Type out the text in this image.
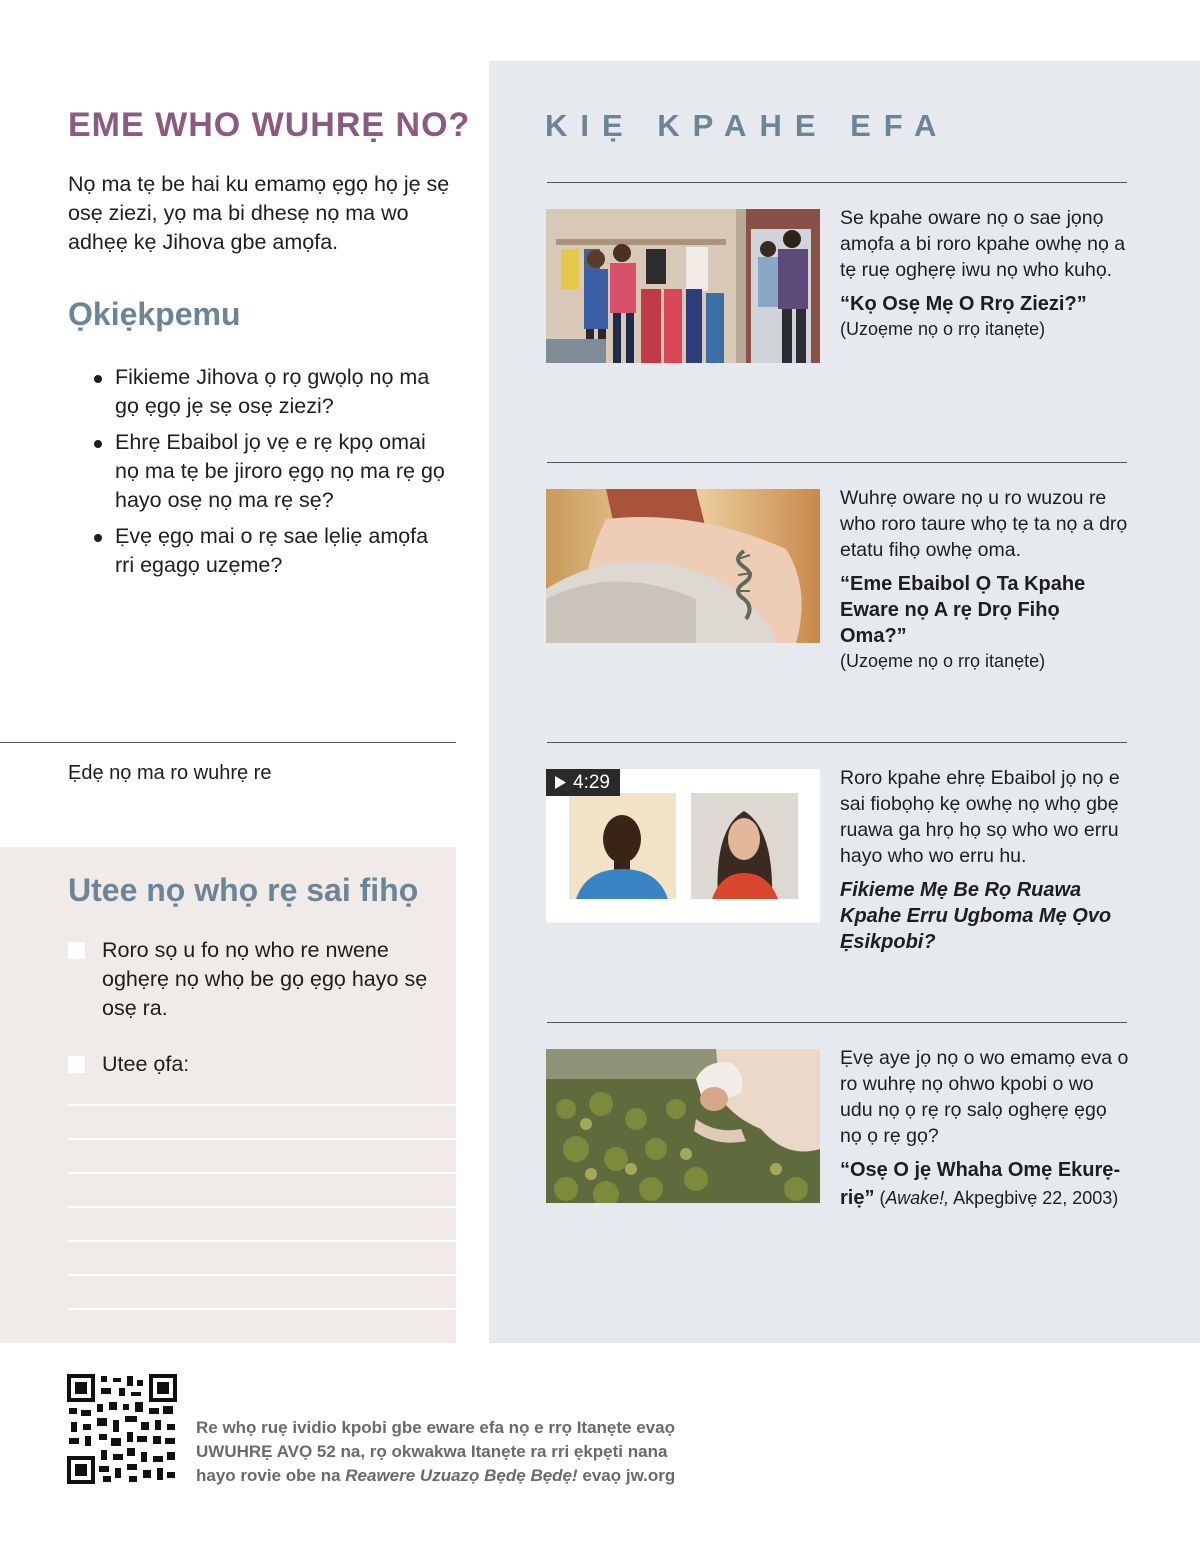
EME WHO WUHRẸ NO?

Nọ ma tẹ be hai ku emamọ ẹgọ họ jẹ sẹ osẹ ziezi, yọ ma bi dhesẹ nọ ma wo adhẹẹ kẹ Jihova gbe amọfa.

Ọkiẹkpemu
Fikieme Jihova ọ rọ gwọlọ nọ ma gọ ẹgọ jẹ sẹ osẹ ziezi?
Ehrẹ Ebaibol jọ vẹ e rẹ kpọ omai nọ ma tẹ be jiroro ẹgọ nọ ma rẹ gọ hayo osẹ nọ ma rẹ sẹ?
Ẹvẹ ẹgọ mai o rẹ sae lẹliẹ amọfa rri egagọ uzẹme?
Ẹdẹ nọ ma ro wuhrẹ re
Utee nọ whọ rẹ sai fihọ
Roro sọ u fo nọ who re nwene oghẹrẹ nọ whọ be gọ ẹgọ hayo sẹ osẹ ra.
Utee ọfa:
KIẸ KPAHE EFA
Se kpahe oware nọ o sae jọnọ amọfa a bi roro kpahe owhẹ nọ a tẹ ruẹ oghẹrẹ iwu nọ who kuhọ.
“Kọ Osẹ Mẹ O Rrọ Ziezi?”
(Uzoẹme nọ o rrọ itanẹte)
Wuhrẹ oware nọ u ro wuzou re who roro taure whọ tẹ ta nọ a drọ etatu fihọ owhẹ oma.
“Eme Ebaibol Ọ Ta Kpahe Eware nọ A rẹ Drọ Fihọ Oma?”
(Uzoẹme nọ o rrọ itanẹte)
4:29	Roro kpahe ehrẹ Ebaibol jọ nọ e sai fiobọhọ kẹ owhẹ nọ whọ gbẹ ruawa ga hrọ họ sọ who wo erru hayo who wo erru hu.
Fikieme Mẹ Be Rọ Ruawa Kpahe Erru Ugboma Mẹ Ọvo Ẹsikpobi?
Ẹvẹ aye jọ nọ o wo emamọ eva o ro wuhrẹ nọ ohwo kpobi o wo udu nọ ọ rẹ rọ salọ oghẹrẹ ẹgọ nọ ọ rẹ gọ?
“Osẹ O jẹ Whaha Omẹ Ekurẹriẹ” (Awake!, Akpegbivẹ 22, 2003)
Re whọ ruẹ ividio kpobi gbe eware efa nọ e rrọ Itanẹte evaọ
UWUHRẸ AVỌ 52 na, rọ okwakwa Itanẹte ra rri ẹkpẹti nana
hayo rovie obe na Reawere Uzuazọ Bẹdẹ Bẹdẹ! evaọ jw.org
